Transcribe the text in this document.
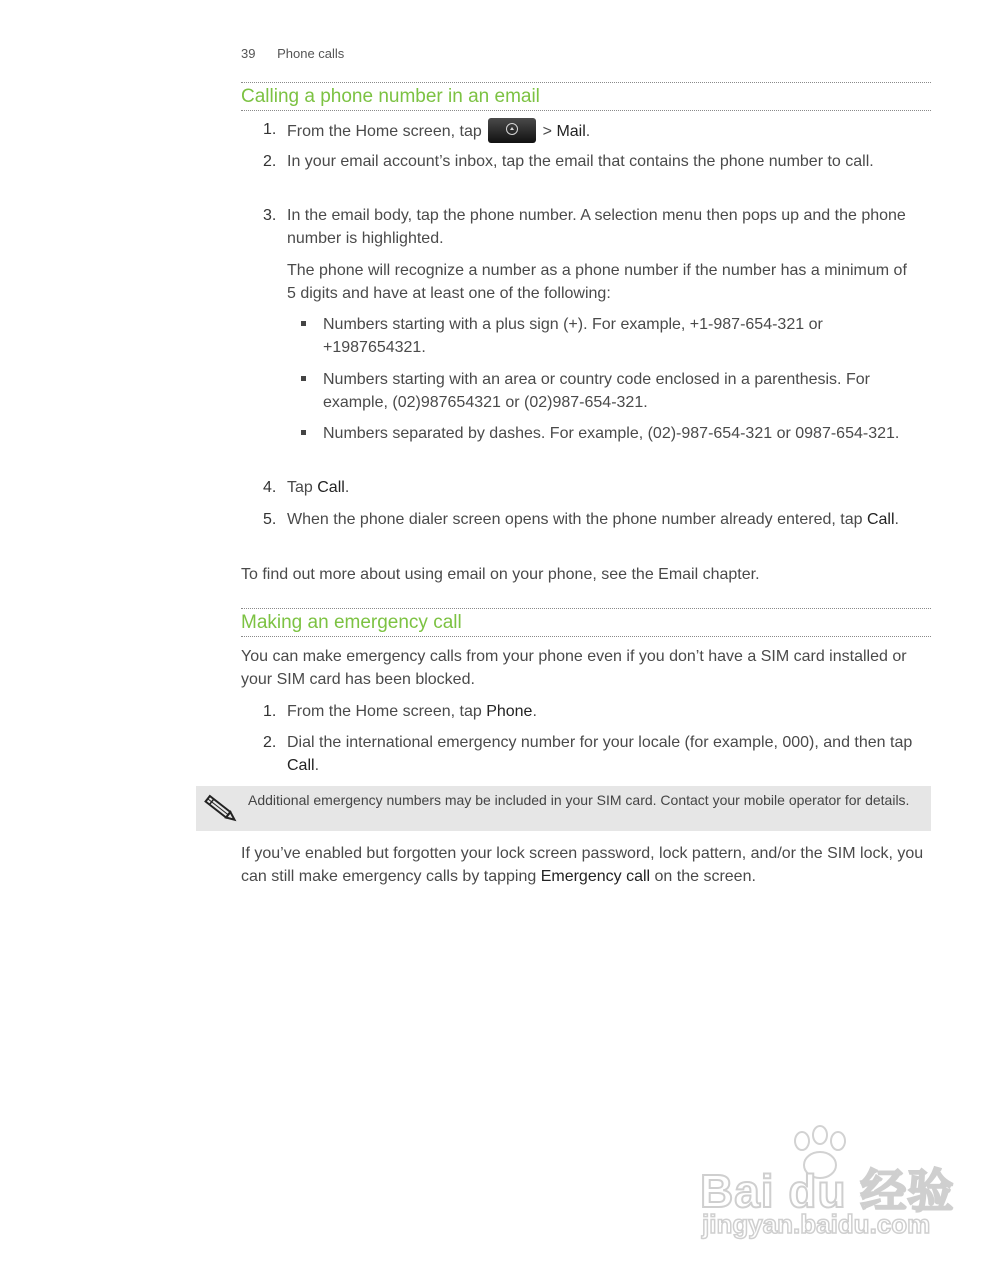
39 Phone calls
Calling a phone number in an email
1. From the Home screen, tap	> Mail.
2. In your email account’s inbox, tap the email that contains the phone number to call.
3. In the email body, tap the phone number. A selection menu then pops up and the phone number is highlighted.
The phone will recognize a number as a phone number if the number has a minimum of 5 digits and have at least one of the following:
Numbers starting with a plus sign (+). For example, +1-987-654-321 or +1987654321.
Numbers starting with an area or country code enclosed in a parenthesis. For example, (02)987654321 or (02)987-654-321.
Numbers separated by dashes. For example, (02)-987-654-321 or 0987-654-321.
4. Tap Call.
5. When the phone dialer screen opens with the phone number already entered, tap Call.
To find out more about using email on your phone, see the Email chapter.
Making an emergency call
You can make emergency calls from your phone even if you don’t have a SIM card installed or your SIM card has been blocked.
1. From the Home screen, tap Phone.
2. Dial the international emergency number for your locale (for example, 000), and then tap Call.
Additional emergency numbers may be included in your SIM card. Contact your mobile operator for details.
If you’ve enabled but forgotten your lock screen password, lock pattern, and/or the SIM lock, you can still make emergency calls by tapping Emergency call on the screen.
Bai du 经验
jingyan.baidu.com
